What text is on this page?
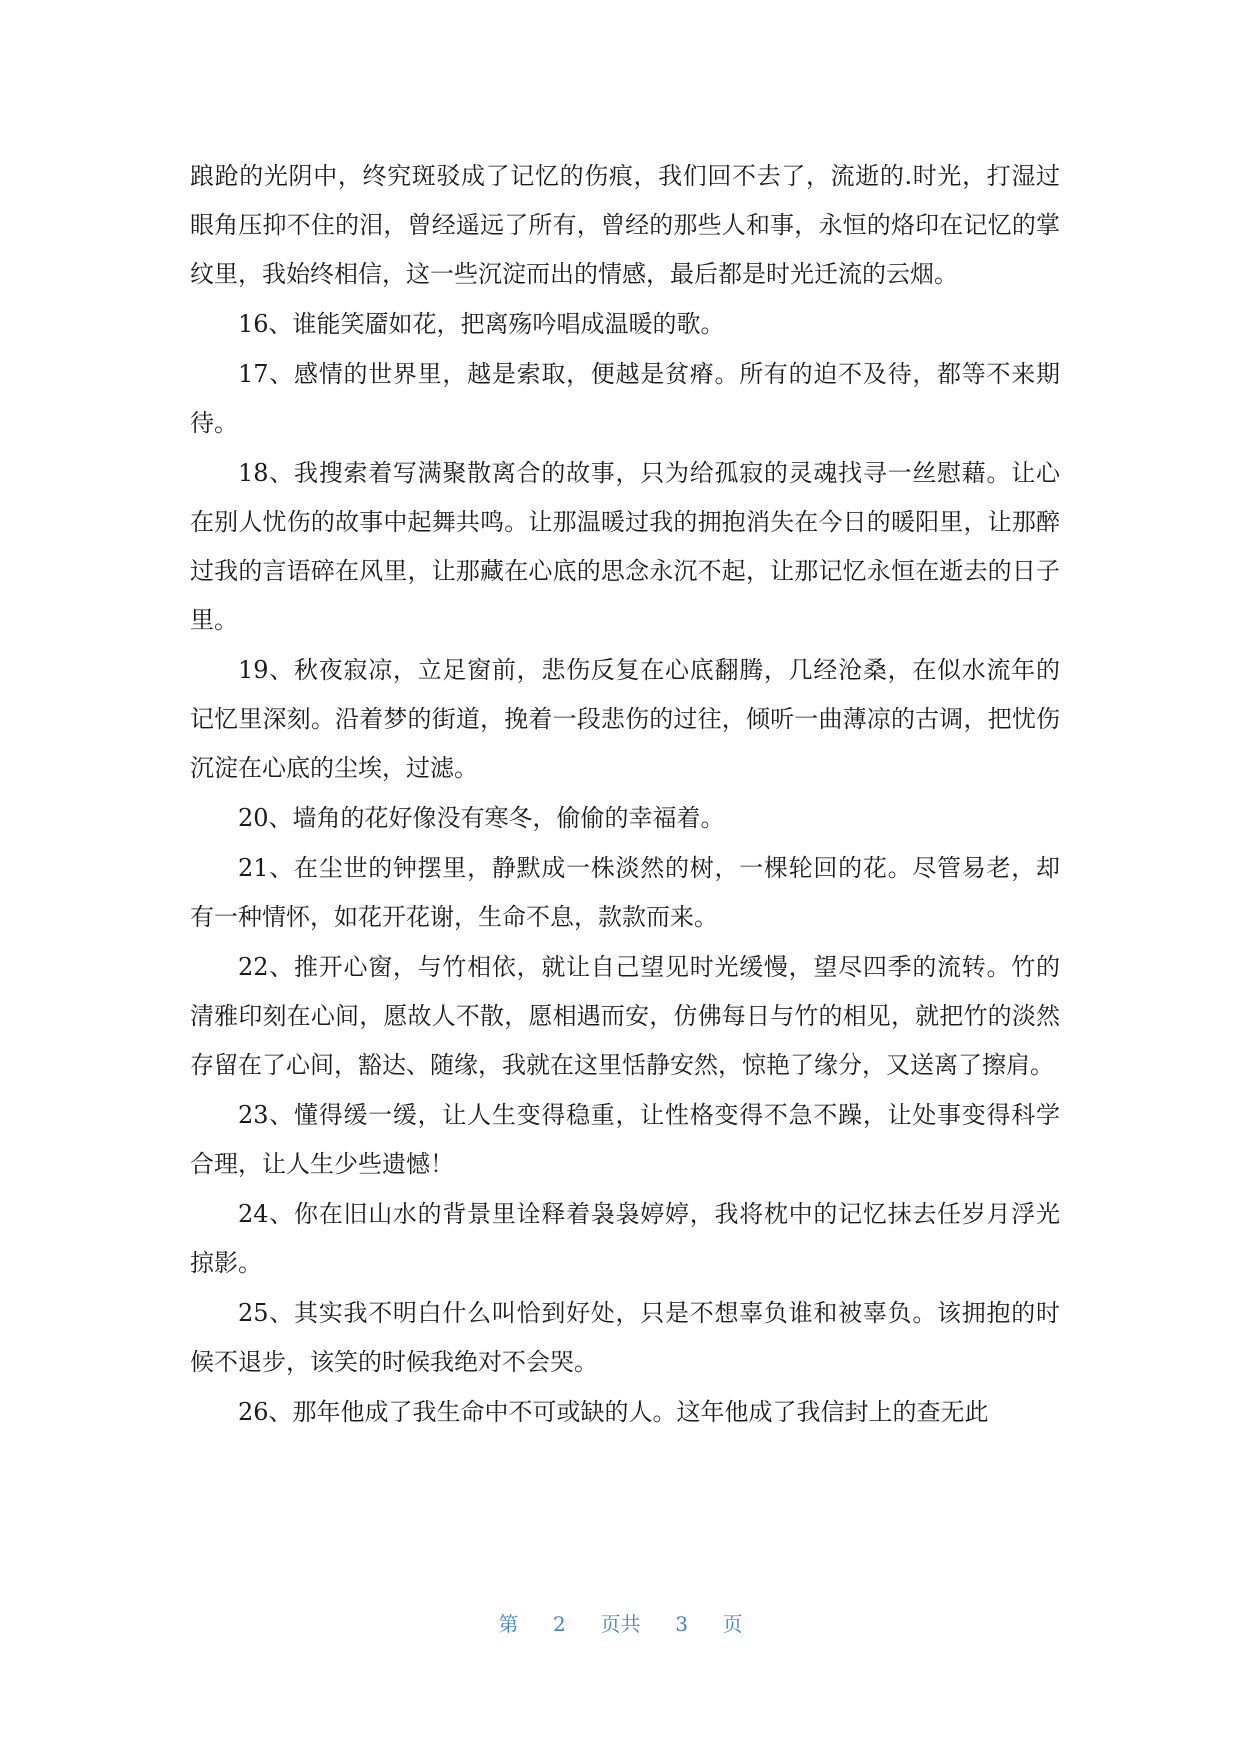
踉跄的光阴中，终究斑驳成了记忆的伤痕，我们回不去了，流逝的.时光，打湿过眼角压抑不住的泪，曾经遥远了所有，曾经的那些人和事，永恒的烙印在记忆的掌纹里，我始终相信，这一些沉淀而出的情感，最后都是时光迁流的云烟。

16、谁能笑靥如花，把离殇吟唱成温暖的歌。

17、感情的世界里，越是索取，便越是贫瘠。所有的迫不及待，都等不来期待。

18、我搜索着写满聚散离合的故事，只为给孤寂的灵魂找寻一丝慰藉。让心在别人忧伤的故事中起舞共鸣。让那温暖过我的拥抱消失在今日的暖阳里，让那醉过我的言语碎在风里，让那藏在心底的思念永沉不起，让那记忆永恒在逝去的日子里。

19、秋夜寂凉，立足窗前，悲伤反复在心底翻腾，几经沧桑，在似水流年的记忆里深刻。沿着梦的街道，挽着一段悲伤的过往，倾听一曲薄凉的古调，把忧伤沉淀在心底的尘埃，过滤。

20、墙角的花好像没有寒冬，偷偷的幸福着。

21、在尘世的钟摆里，静默成一株淡然的树，一棵轮回的花。尽管易老，却有一种情怀，如花开花谢，生命不息，款款而来。

22、推开心窗，与竹相依，就让自己望见时光缓慢，望尽四季的流转。竹的清雅印刻在心间，愿故人不散，愿相遇而安，仿佛每日与竹的相见，就把竹的淡然存留在了心间，豁达、随缘，我就在这里恬静安然，惊艳了缘分，又送离了擦肩。

23、懂得缓一缓，让人生变得稳重，让性格变得不急不躁，让处事变得科学合理，让人生少些遗憾！

24、你在旧山水的背景里诠释着袅袅婷婷，我将枕中的记忆抹去任岁月浮光掠影。

25、其实我不明白什么叫恰到好处，只是不想辜负谁和被辜负。该拥抱的时候不退步，该笑的时候我绝对不会哭。

26、那年他成了我生命中不可或缺的人。这年他成了我信封上的查无此

第 2 页共 3 页
